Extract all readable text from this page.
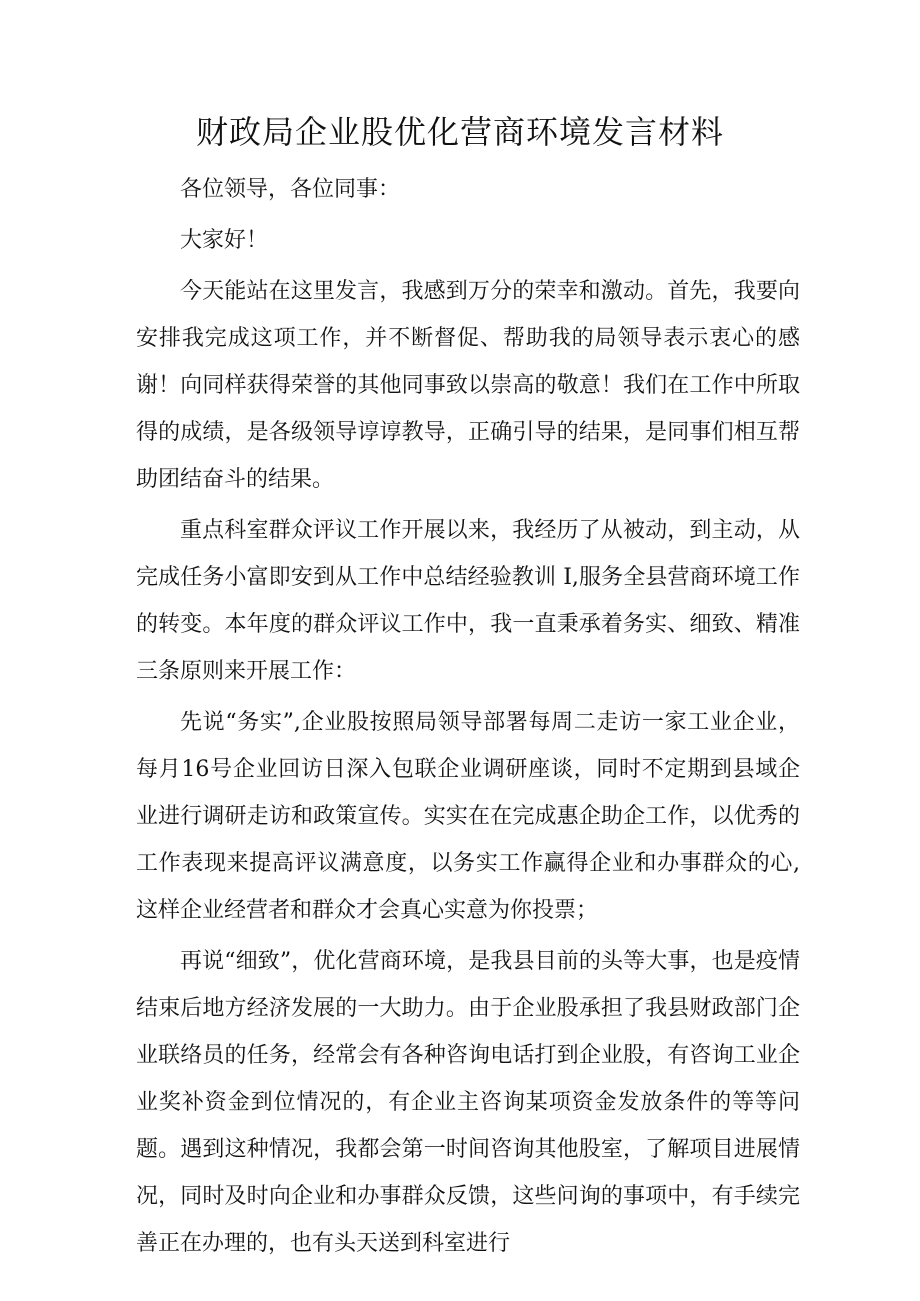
财政局企业股优化营商环境发言材料

各位领导，各位同事：

大家好！

今天能站在这里发言，我感到万分的荣幸和激动。首先，我要向安排我完成这项工作，并不断督促、帮助我的局领导表示衷心的感谢！向同样获得荣誉的其他同事致以崇高的敬意！我们在工作中所取得的成绩，是各级领导谆谆教导，正确引导的结果，是同事们相互帮助团结奋斗的结果。

重点科室群众评议工作开展以来，我经历了从被动，到主动，从完成任务小富即安到从工作中总结经验教训 I,服务全县营商环境工作的转变。本年度的群众评议工作中，我一直秉承着务实、细致、精准三条原则来开展工作：

先说“务实”,企业股按照局领导部署每周二走访一家工业企业，每月16号企业回访日深入包联企业调研座谈，同时不定期到县域企业进行调研走访和政策宣传。实实在在完成惠企助企工作，以优秀的工作表现来提高评议满意度，以务实工作赢得企业和办事群众的心,这样企业经营者和群众才会真心实意为你投票；

再说“细致”，优化营商环境，是我县目前的头等大事，也是疫情结束后地方经济发展的一大助力。由于企业股承担了我县财政部门企业联络员的任务，经常会有各种咨询电话打到企业股，有咨询工业企业奖补资金到位情况的，有企业主咨询某项资金发放条件的等等问题。遇到这种情况，我都会第一时间咨询其他股室，了解项目进展情况，同时及时向企业和办事群众反馈，这些问询的事项中，有手续完善正在办理的，也有头天送到科室进行
